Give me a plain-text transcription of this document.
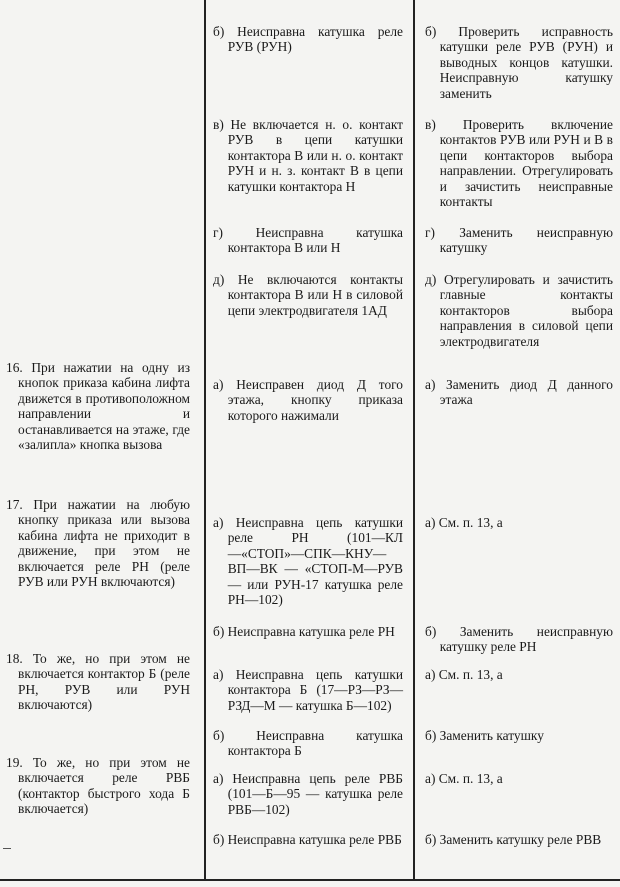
б) Неисправна катушка реле РУВ (РУН)

в) Не включается н. о. контакт РУВ в цепи катушки контактора В или н. о. контакт РУН и н. з. контакт В в цепи катушки контактора Н

г) Неисправна катушка контактора В или Н

д) Не включаются контакты контактора В или Н в силовой цепи электродвигателя 1АД

а) Неисправен диод Д того этажа, кнопку приказа которого нажимали

а) Неисправна цепь катушки реле РН (101—КЛ—«СТОП»—СПК—КНУ—ВП—ВК — «СТОП-М—РУВ — или РУН-17 катушка реле РН—102)

б) Неисправна катушка реле РН

а) Неисправна цепь катушки контактора Б (17—РЗ—РЗ—РЗД—М — катушка Б—102)

б) Неисправна катушка контактора Б

а) Неисправна цепь реле РВБ (101—Б—95 — катушка реле РВБ—102)

б) Неисправна катушка реле РВБ

б) Проверить исправность катушки реле РУВ (РУН) и выводных концов катушки. Неисправную катушку заменить

в) Проверить включение контактов РУВ или РУН и В в цепи контакторов выбора направлении. Отрегулировать и зачистить неисправные контакты

г) Заменить неисправную катушку

д) Отрегулировать и зачистить главные контакты контакторов выбора направления в силовой цепи электродвигателя

а) Заменить диод Д данного этажа

а) См. п. 13, а

б) Заменить неисправную катушку реле РН

а) См. п. 13, а

б) Заменить катушку

а) См. п. 13, а

б) Заменить катушку реле РВВ

16. При нажатии на одну из кнопок приказа кабина лифта движется в противоположном направлении и останавливается на этаже, где «залипла» кнопка вызова

17. При нажатии на любую кнопку приказа или вызова кабина лифта не приходит в движение, при этом не включается реле РН (реле РУВ или РУН включаются)

18. То же, но при этом не включается контактор Б (реле РН, РУВ или РУН включаются)

19. То же, но при этом не включается реле РВБ (контактор быстрого хода Б включается)
